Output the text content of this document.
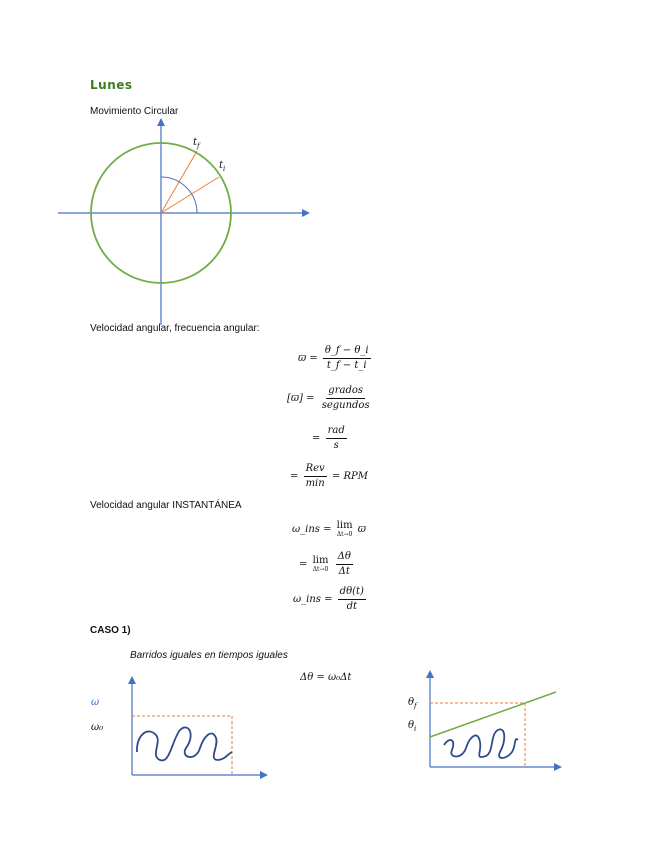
Lunes
Movimiento Circular
$t_f$
$t_i$
Velocidad angular, frecuencia angular:
$ϖ = \frac{\theta\_f - \theta\_i}{t\_f - t\_i}$
$[ϖ] = \frac{\text{grados}}{\text{segundos}}$
= $\frac{\text{rad}}{s}$
= $\frac{\text{Rev}}{\min}$ = RPM
Velocidad angular INSTANTÁNEA
ω_ins = lim
Δt→0 ϖ
= lim
Δt→0
$\frac{\Delta\theta}{\Delta t}$
ω_ins = $\frac{d\theta(t)}{dt}$
CASO 1)
Barridos iguales en tiempos iguales
Δθ = ω₀Δt
ω
ω₀
$\theta_f$
$\theta_i$
